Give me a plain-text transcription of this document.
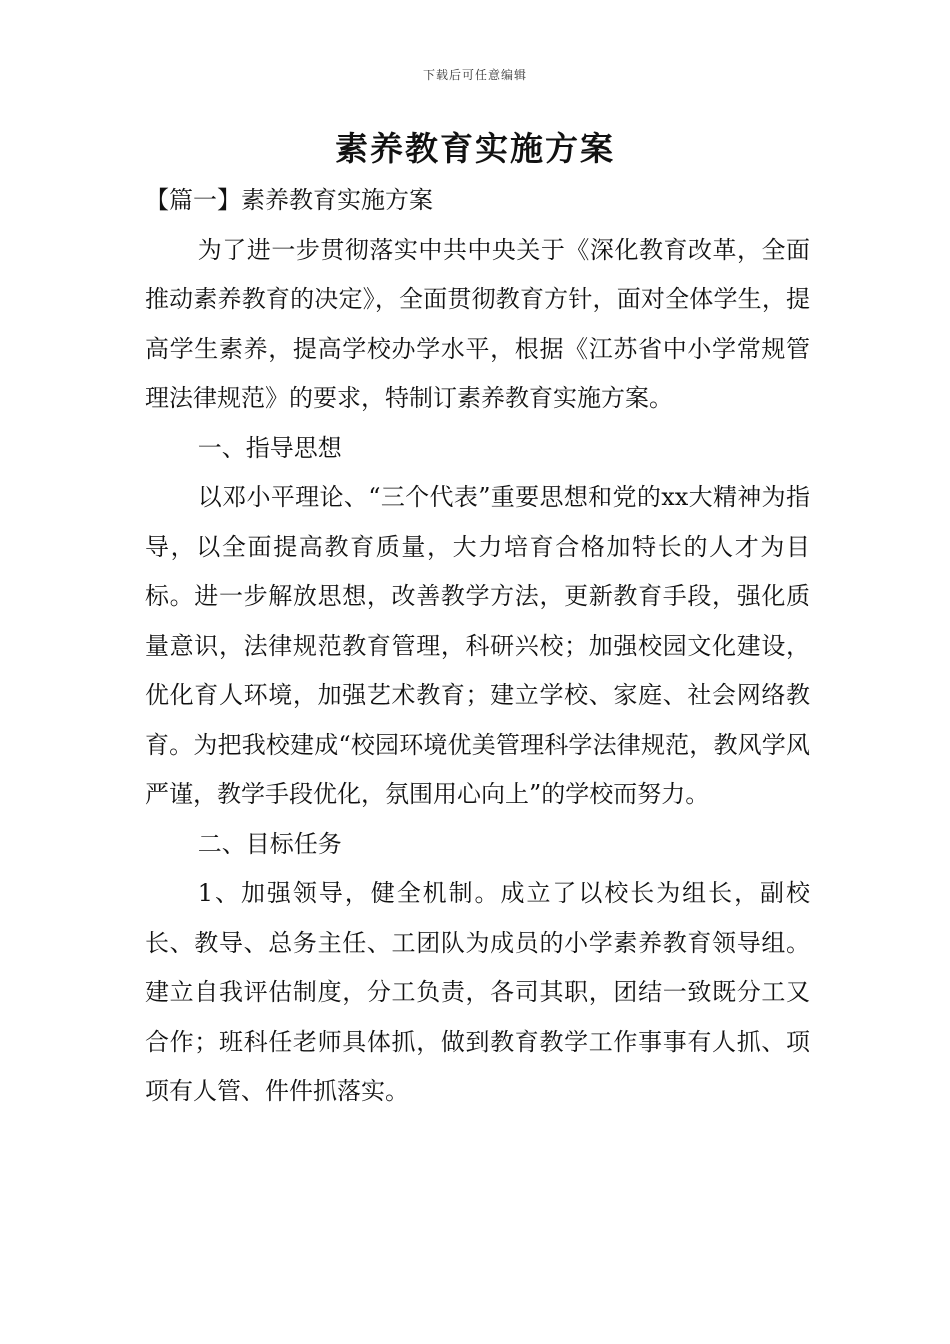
下载后可任意编辑
素养教育实施方案

【篇一】素养教育实施方案

为了进一步贯彻落实中共中央关于《深化教育改革，全面推动素养教育的决定》，全面贯彻教育方针，面对全体学生，提高学生素养，提高学校办学水平，根据《江苏省中小学常规管理法律规范》的要求，特制订素养教育实施方案。

一、指导思想

以邓小平理论、“三个代表”重要思想和党的xx大精神为指导，以全面提高教育质量，大力培育合格加特长的人才为目标。进一步解放思想，改善教学方法，更新教育手段，强化质量意识，法律规范教育管理，科研兴校；加强校园文化建设，优化育人环境，加强艺术教育；建立学校、家庭、社会网络教育。为把我校建成“校园环境优美管理科学法律规范，教风学风严谨，教学手段优化，氛围用心向上”的学校而努力。

二、目标任务

1、加强领导，健全机制。成立了以校长为组长，副校长、教导、总务主任、工团队为成员的小学素养教育领导组。建立自我评估制度，分工负责，各司其职，团结一致既分工又合作；班科任老师具体抓，做到教育教学工作事事有人抓、项项有人管、件件抓落实。
